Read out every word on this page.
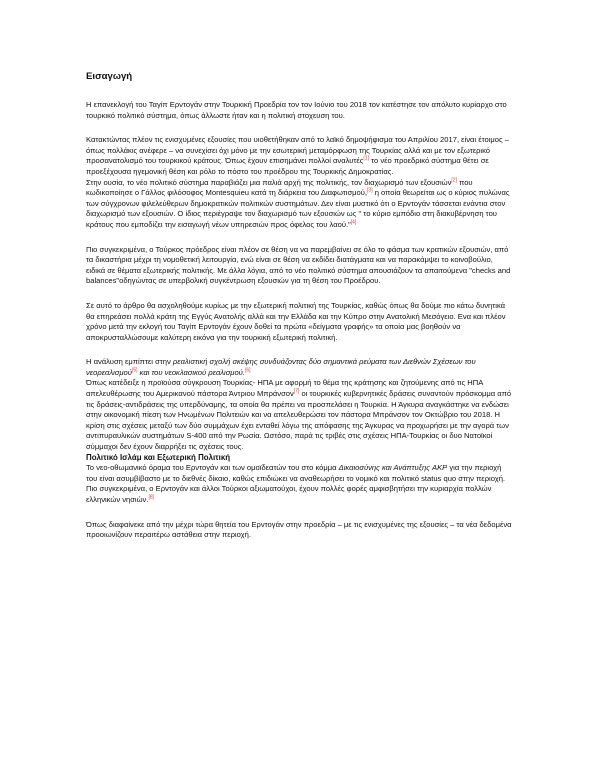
Εισαγωγή

Η επανεκλογή του Ταγίπ Ερντογάν στην Τουρκική Προεδρία τον τον Ιούνιο του 2018 τον κατέστησε τον απόλυτο κυρίαρχο στο τουρκικό πολιτικό σύστημα, όπως άλλωστε ήταν και η πολιτική στοχευση του.

Κατακτώντας πλέον τις ενισχυμένες εξουσίες που υιοθετήθηκαν από το λαϊκό δημοψήφισμα του Απριλίου 2017, είναι έτοιμος – όπως πολλάκις ανέφερε – να συνεχίσει όχι μόνο με την εσωτερική μεταμόρφωση της Τουρκίας αλλά και με τον εξωτερικό προσανατολισμό του τουρκικού κράτους. Όπως έχουν επισημάνει πολλοί αναλυτές[1] το νέο προεδρικό σύστημα θέτει σε προεξέχουσα ηγεμονική θέση και ρόλο το πόστο του προέδρου της Τουρκικής Δημοκρατίας.
Στην ουσία, το νέο πολιτικό σύστημα παραβιάζει μια παλιά αρχή της πολιτικής, τον διαχωρισμό των εξουσιών[2] που κωδικοποίησε ο Γάλλος φιλόσοφος Montesquieu κατά τη διάρκεια του Διαφωτισμού,[3] η οποία θεωρείται ως ο κύριος πυλώνας των σύγχρονων φιλελεύθερων δημοκρατικών πολιτικών συστημάτων. Δεν είναι μυστικό ότι ο Ερντογάν τάσσεται ενάντια στον διαχωρισμό των εξουσιών. Ο ίδιος περιέγραψε τον διαχωρισμό των εξουσιών ως " το κύριο εμπόδιο στη διακυβέρνηση του κράτους που εμποδίζει την εισαγωγή νέων υπηρεσιών προς όφελος του λαού."[4]

Πιο συγκεκριμένα, ο Τούρκος πρόεδρος είναι πλέον σε θέση να να παρεμβαίνει σε όλο το φάσμα των κρατικών εξουσιών, από τα δικαστήρια μέχρι τη νομοθετική λειτουργία, ενώ είναι σε θέση να εκδίδει διατάγματα και να παρακάμψει το κοινοβούλιο, ειδικά σε θέματα εξωτερικής πολιτικής. Με άλλα λόγια, από το νέο πολιτικό σύστημα απουσιάζουν τα απαιτούμενα "checks and balances"οδηγώντας σε υπερβολική συγκέντρωση εξουσιών για τη θέση του Προέδρου.

Σε αυτό το άρθρο θα ασχοληθούμε κυρίως με την εξωτερική πολιτική της Τουρκίας, καθώς όπως θα δούμε πιο κάτω δυνητικά θα επηρεάσει πολλά κράτη της Εγγύς Ανατολής αλλά και την Ελλάδα και την Κύπρο στην Ανατολική Μεσόγειο. Ενα και πλέον χρόνο μετά την εκλογή του Ταγίπ Ερντογάν έχουν δοθεί τα πρώτα «δείγματα γραφής» τα οποία μας βοηθούν να αποκρυσταλλώσουμε καλύτερη εικόνα για την τουρκική εξωτερική πολιτική.

Η ανάλυση εμπίπτει στην ρεαλιστική σχολή σκέψης συνδυάζοντας δύο σημαντικά ρεύματα των Διεθνών Σχέσεων του νεορεαλισμού[5] και του νεοκλασικού ρεαλισμού.[6]
Όπως κατέδειξε η προϊούσα σύγκρουση Τουρκίας- ΗΠΑ με αφορμή το θέμα της κράτησης και ζητούμενης από τις ΗΠΑ απελευθέρωσης του Αμερικανού πάστορα Άντριου Μπράνσον[7] οι τουρκικές κυβερνητικές δράσεις συναντούν πρόσκομμα από τις δράσεις-αντιδράσεις της υπερδύναμης, τα οποία θα πρέπει να προσπελάσει η Τουρκία. Η Άγκυρα αναγκάστηκε να ενδώσει στην οικονομική πίεση των Ηνωμένων Πολιτειών και να απελευθερώσει τον πάστορα Μπράνσον τον Οκτώβριο του 2018. Η κρίση στις σχέσεις μεταξύ των δύο συμμάχων έχει ενταθεί λόγω της απόφασης της Άγκυρας να προχωρήσει με την αγορά των αντιπυραυλικών συστημάτων S-400 από την Ρωσία. Ωστόσο, παρά τις τριβές στις σχέσεις ΗΠΑ-Τουρκίας οι δυο Νατοϊκοί σύμμαχοι δεν έχουν διαρρήξει τις σχέσεις τους.

Πολιτικό Ισλάμ και Εξωτερική Πολιτική

Το νεο-οθωμανικό όραμα του Ερντογάν και των ομοϊδεατών του στο κόμμα Δικαιοσύνης και Ανάπτυξης AKP για την περιοχή του είναι ασυμβίβαστο με το διεθνές δίκαιο, καθώς επιδιώκει να αναθεωρήσει το νομικό και πολιτικό status quo στην περιοχή. Πιο συγκεκριμένα, ο Ερντογάν και άλλοι Τούρκοι αξιωματούχοι, έχουν πολλές φορές αμφισβητήσει την κυριαρχία πολλών ελληνικών νησιών.[8]

Όπως διαφαίνεκε από την μέχρι τώρα θητεία του Ερντογάν στην προεδρία – με τις ενισχυμένες της εξουσίες – τα νέα δεδομένα προοιωνίζουν περαιτέρω αστάθεια στην περιοχή.
